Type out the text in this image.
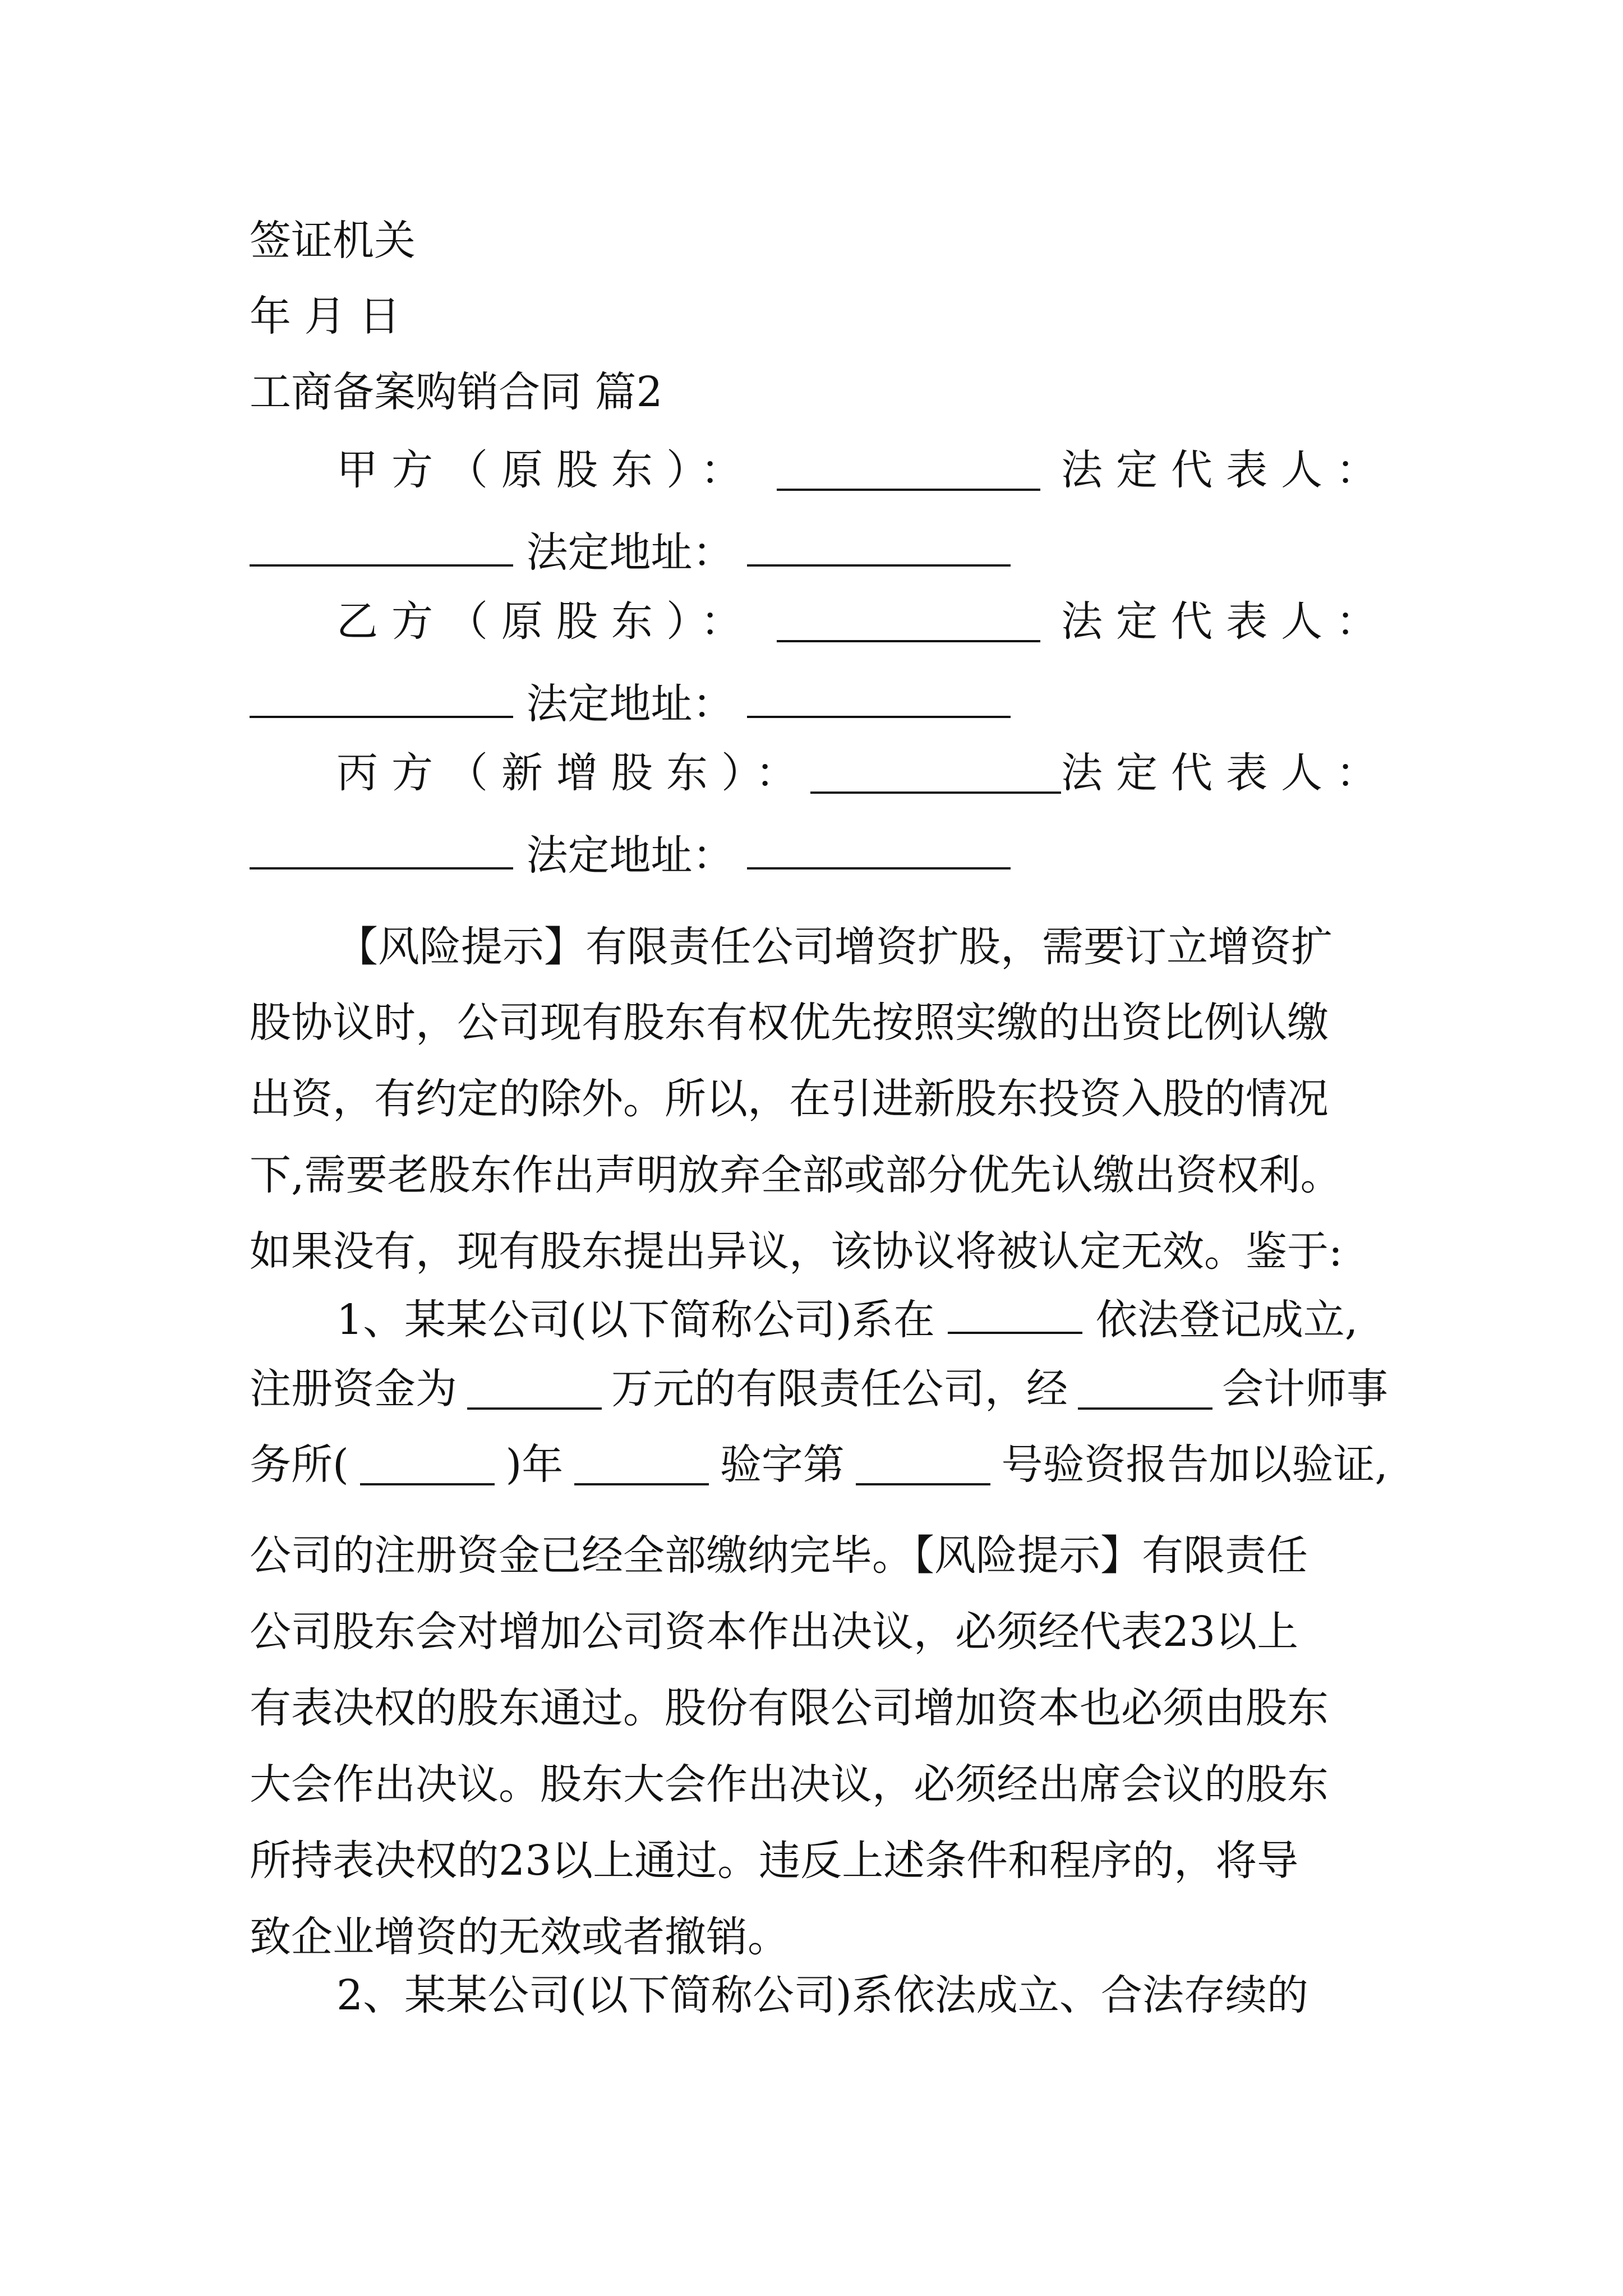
签证机关
年 月 日
工商备案购销合同 篇2
甲方（原股东）：	法定代表人：
法定地址：
乙方（原股东）：	法定代表人：
法定地址：
丙方（新增股东）：	法定代表人：
法定地址：
【风险提示】有限责任公司增资扩股，需要订立增资扩
股协议时，公司现有股东有权优先按照实缴的出资比例认缴
出资，有约定的除外。所以，在引进新股东投资入股的情况
下,需要老股东作出声明放弃全部或部分优先认缴出资权利。
如果没有，现有股东提出异议，该协议将被认定无效。鉴于:
1、某某公司(以下简称公司)系在	依法登记成立,
注册资金为	万元的有限责任公司，经	会计师事
务所(	)年	验字第	号验资报告加以验证,
公司的注册资金已经全部缴纳完毕。【风险提示】有限责任
公司股东会对增加公司资本作出决议，必须经代表23以上
有表决权的股东通过。股份有限公司增加资本也必须由股东
大会作出决议。股东大会作出决议，必须经出席会议的股东
所持表决权的23以上通过。违反上述条件和程序的，将导
致企业增资的无效或者撤销。
2、某某公司(以下简称公司)系依法成立、合法存续的
